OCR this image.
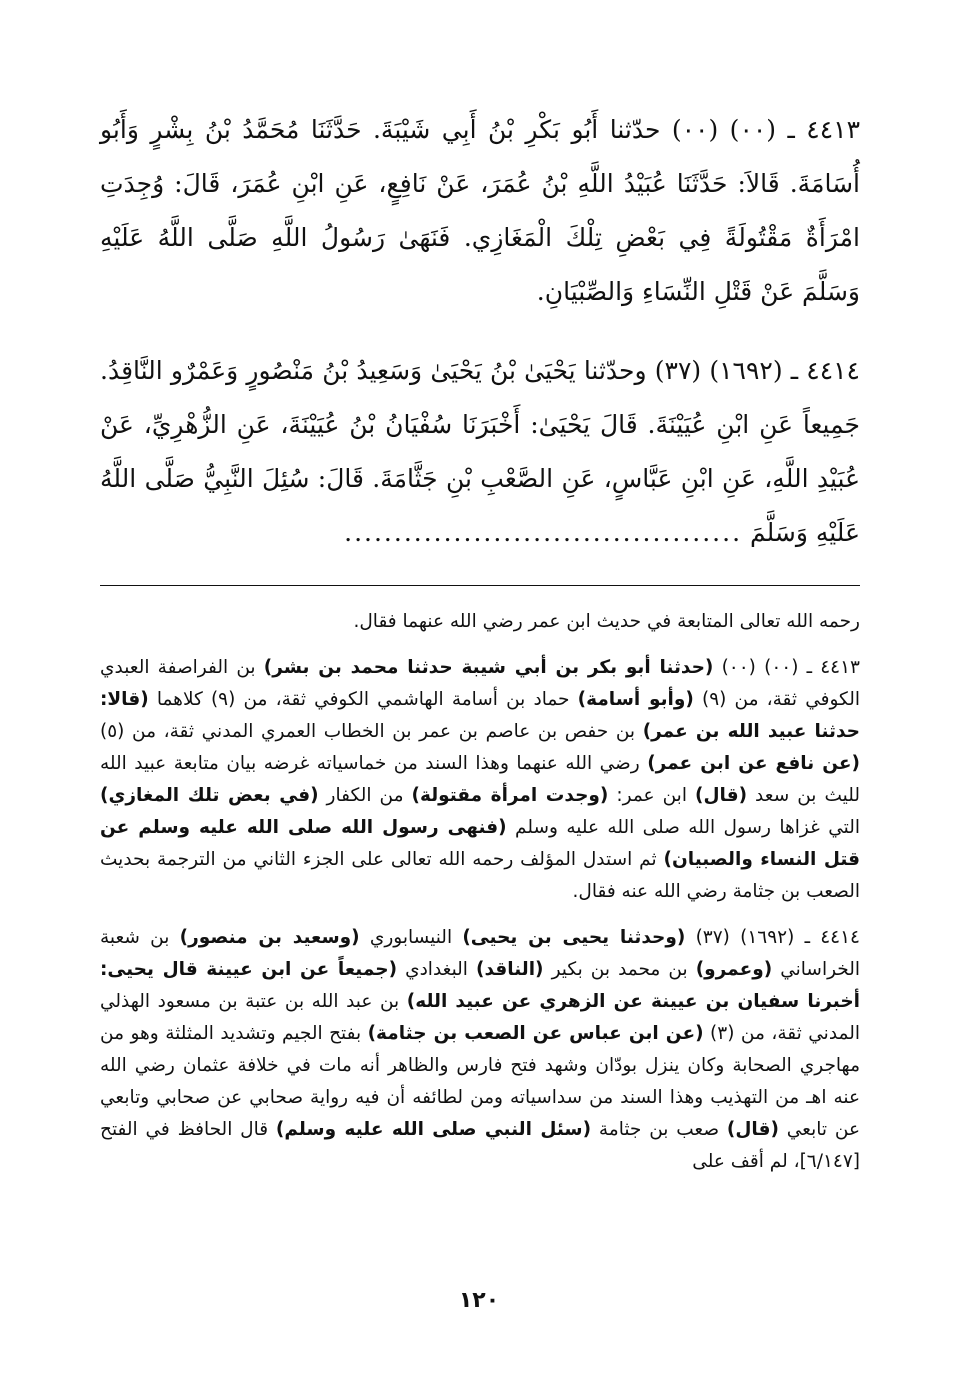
٤٤١٣ ـ (٠٠) (٠٠) حدّثنا أَبُو بَكْرِ بْنُ أَبِي شَيْبَةَ. حَدَّثَنَا مُحَمَّدُ بْنُ بِشْرٍ وَأَبُو أُسَامَةَ. قَالاَ: حَدَّثَنَا عُبَيْدُ اللَّهِ بْنُ عُمَرَ، عَنْ نَافِعٍ، عَنِ ابْنِ عُمَرَ، قَالَ: وُجِدَتِ امْرَأَةٌ مَقْتُولَةً فِي بَعْضِ تِلْكَ الْمَغَازِي. فَنَهَىٰ رَسُولُ اللَّهِ صَلَّى اللَّهُ عَلَيْهِ وَسَلَّمَ عَنْ قَتْلِ النِّسَاءِ وَالصِّبْيَانِ.

٤٤١٤ ـ (١٦٩٢) (٣٧) وحدّثنا يَحْيَىٰ بْنُ يَحْيَىٰ وَسَعِيدُ بْنُ مَنْصُورٍ وَعَمْرٌو النَّاقِدُ. جَمِيعاً عَنِ ابْنِ عُيَيْنَةَ. قَالَ يَحْيَىٰ: أَخْبَرَنَا سُفْيَانُ بْنُ عُيَيْنَةَ، عَنِ الزُّهْرِيِّ، عَنْ عُبَيْدِ اللَّهِ، عَنِ ابْنِ عَبَّاسٍ، عَنِ الصَّعْبِ بْنِ جَثَّامَةَ. قَالَ: سُئِلَ النَّبِيُّ صَلَّى اللَّهُ عَلَيْهِ وَسَلَّمَ ........................................

رحمه الله تعالى المتابعة في حديث ابن عمر رضي الله عنهما فقال.

٤٤١٣ ـ (٠٠) (٠٠) (حدثنا أبو بكر بن أبي شيبة حدثنا محمد بن بشر) بن الفراصفة العبدي الكوفي ثقة، من (٩) (وأبو أسامة) حماد بن أسامة الهاشمي الكوفي ثقة، من (٩) كلاهما (قالا: حدثنا عبيد الله بن عمر) بن حفص بن عاصم بن عمر بن الخطاب العمري المدني ثقة، من (٥) (عن نافع عن ابن عمر) رضي الله عنهما وهذا السند من خماسياته غرضه بيان متابعة عبيد الله لليث بن سعد (قال) ابن عمر: (وجدت امرأة مقتولة) من الكفار (في بعض تلك المغازي) التي غزاها رسول الله صلى الله عليه وسلم (فنهى رسول الله صلى الله عليه وسلم عن قتل النساء والصبيان) ثم استدل المؤلف رحمه الله تعالى على الجزء الثاني من الترجمة بحديث الصعب بن جثامة رضي الله عنه فقال.

٤٤١٤ ـ (١٦٩٢) (٣٧) (وحدثنا يحيى بن يحيى) النيسابوري (وسعيد بن منصور) بن شعبة الخراساني (وعمرو) بن محمد بن بكير (الناقد) البغدادي (جميعاً عن ابن عيينة قال يحيى: أخبرنا سفيان بن عيينة عن الزهري عن عبيد الله) بن عبد الله بن عتبة بن مسعود الهذلي المدني ثقة، من (٣) (عن ابن عباس عن الصعب بن جثامة) بفتح الجيم وتشديد المثلثة وهو من مهاجري الصحابة وكان ينزل بودّان وشهد فتح فارس والظاهر أنه مات في خلافة عثمان رضي الله عنه اهـ من التهذيب وهذا السند من سداسياته ومن لطائفه أن فيه رواية صحابي عن صحابي وتابعي عن تابعي (قال) صعب بن جثامة (سئل النبي صلى الله عليه وسلم) قال الحافظ في الفتح [٦/١٤٧]، لم أقف على

١٢٠
